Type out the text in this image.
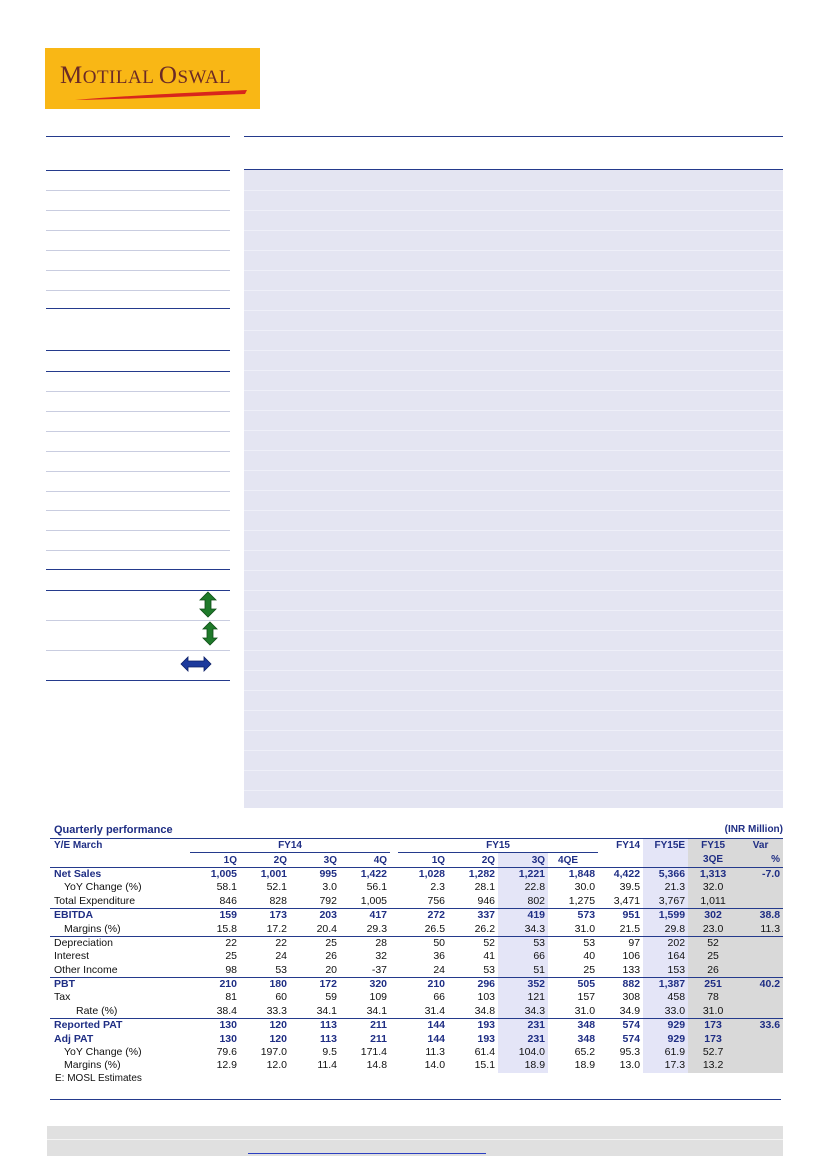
MOTILAL OSWAL
Quarterly performance	(INR Million)
Y/E March	FY14					FY15				FY14	FY15E	FY15	Var
	1Q	2Q	3Q	4Q		1Q	2Q	3Q	4QE			3QE	%
Net Sales	1,005	1,001	995	1,422		1,028	1,282	1,221	1,848	4,422	5,366	1,313	-7.0
YoY Change (%)	58.1	52.1	3.0	56.1		2.3	28.1	22.8	30.0	39.5	21.3	32.0	
Total Expenditure	846	828	792	1,005		756	946	802	1,275	3,471	3,767	1,011	
EBITDA	159	173	203	417		272	337	419	573	951	1,599	302	38.8
Margins (%)	15.8	17.2	20.4	29.3		26.5	26.2	34.3	31.0	21.5	29.8	23.0	11.3
Depreciation	22	22	25	28		50	52	53	53	97	202	52	
Interest	25	24	26	32		36	41	66	40	106	164	25	
Other Income	98	53	20	-37		24	53	51	25	133	153	26	
PBT	210	180	172	320		210	296	352	505	882	1,387	251	40.2
Tax	81	60	59	109		66	103	121	157	308	458	78	
Rate (%)	38.4	33.3	34.1	34.1		31.4	34.8	34.3	31.0	34.9	33.0	31.0	
Reported PAT	130	120	113	211		144	193	231	348	574	929	173	33.6
Adj PAT	130	120	113	211		144	193	231	348	574	929	173	
YoY Change (%)	79.6	197.0	9.5	171.4		11.3	61.4	104.0	65.2	95.3	61.9	52.7	
Margins (%)	12.9	12.0	11.4	14.8		14.0	15.1	18.9	18.9	13.0	17.3	13.2	
E: MOSL Estimates
